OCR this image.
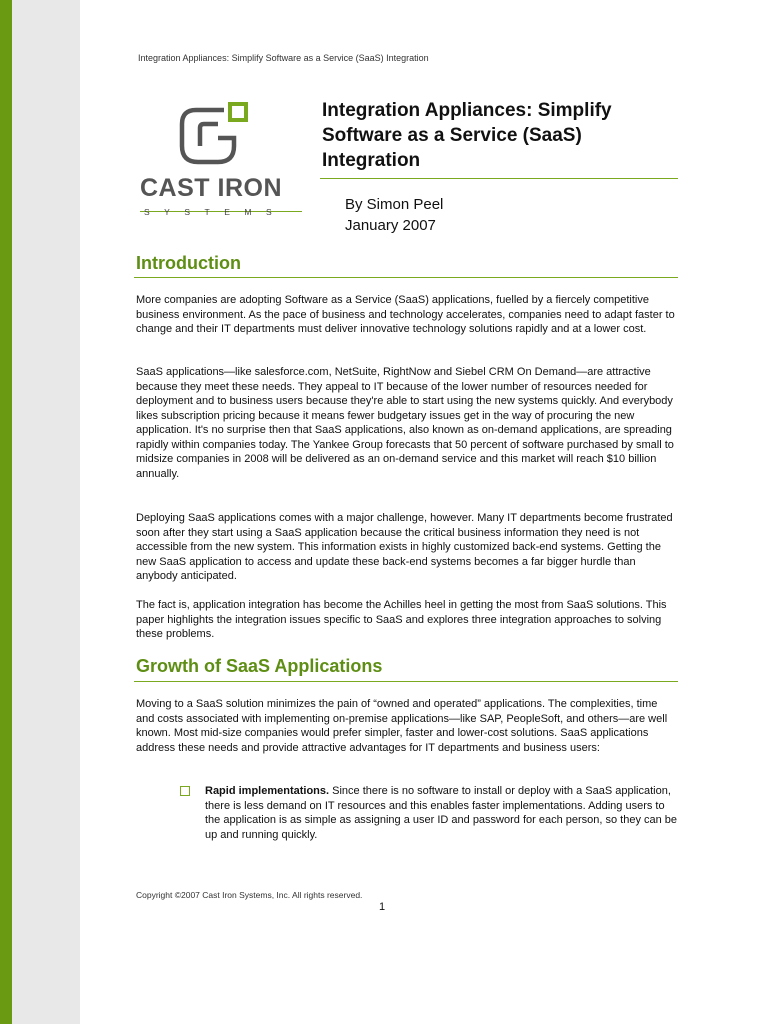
Integration Appliances: Simplify Software as a Service (SaaS) Integration
CAST IRON
SYSTEMS
Integration Appliances: Simplify Software as a Service (SaaS) Integration
By Simon Peel
January 2007
Introduction

More companies are adopting Software as a Service (SaaS) applications, fuelled by a fiercely competitive business environment. As the pace of business and technology accelerates, companies need to adapt faster to change and their IT departments must deliver innovative technology solutions rapidly and at a lower cost.

SaaS applications—like salesforce.com, NetSuite, RightNow and Siebel CRM On Demand—are attractive because they meet these needs. They appeal to IT because of the lower number of resources needed for deployment and to business users because they're able to start using the new systems quickly. And everybody likes subscription pricing because it means fewer budgetary issues get in the way of procuring the new application. It's no surprise then that SaaS applications, also known as on-demand applications, are spreading rapidly within companies today. The Yankee Group forecasts that 50 percent of software purchased by small to midsize companies in 2008 will be delivered as an on-demand service and this market will reach $10 billion annually.

Deploying SaaS applications comes with a major challenge, however. Many IT departments become frustrated soon after they start using a SaaS application because the critical business information they need is not accessible from the new system. This information exists in highly customized back-end systems. Getting the new SaaS application to access and update these back-end systems becomes a far bigger hurdle than anybody anticipated.

The fact is, application integration has become the Achilles heel in getting the most from SaaS solutions. This paper highlights the integration issues specific to SaaS and explores three integration approaches to solving these problems.

Growth of SaaS Applications

Moving to a SaaS solution minimizes the pain of “owned and operated” applications. The complexities, time and costs associated with implementing on-premise applications—like SAP, PeopleSoft, and others—are well known. Most mid-size companies would prefer simpler, faster and lower-cost solutions. SaaS applications address these needs and provide attractive advantages for IT departments and business users:

Rapid implementations. Since there is no software to install or deploy with a SaaS application, there is less demand on IT resources and this enables faster implementations. Adding users to the application is as simple as assigning a user ID and password for each person, so they can be up and running quickly.

Copyright ©2007 Cast Iron Systems, Inc. All rights reserved.
1
